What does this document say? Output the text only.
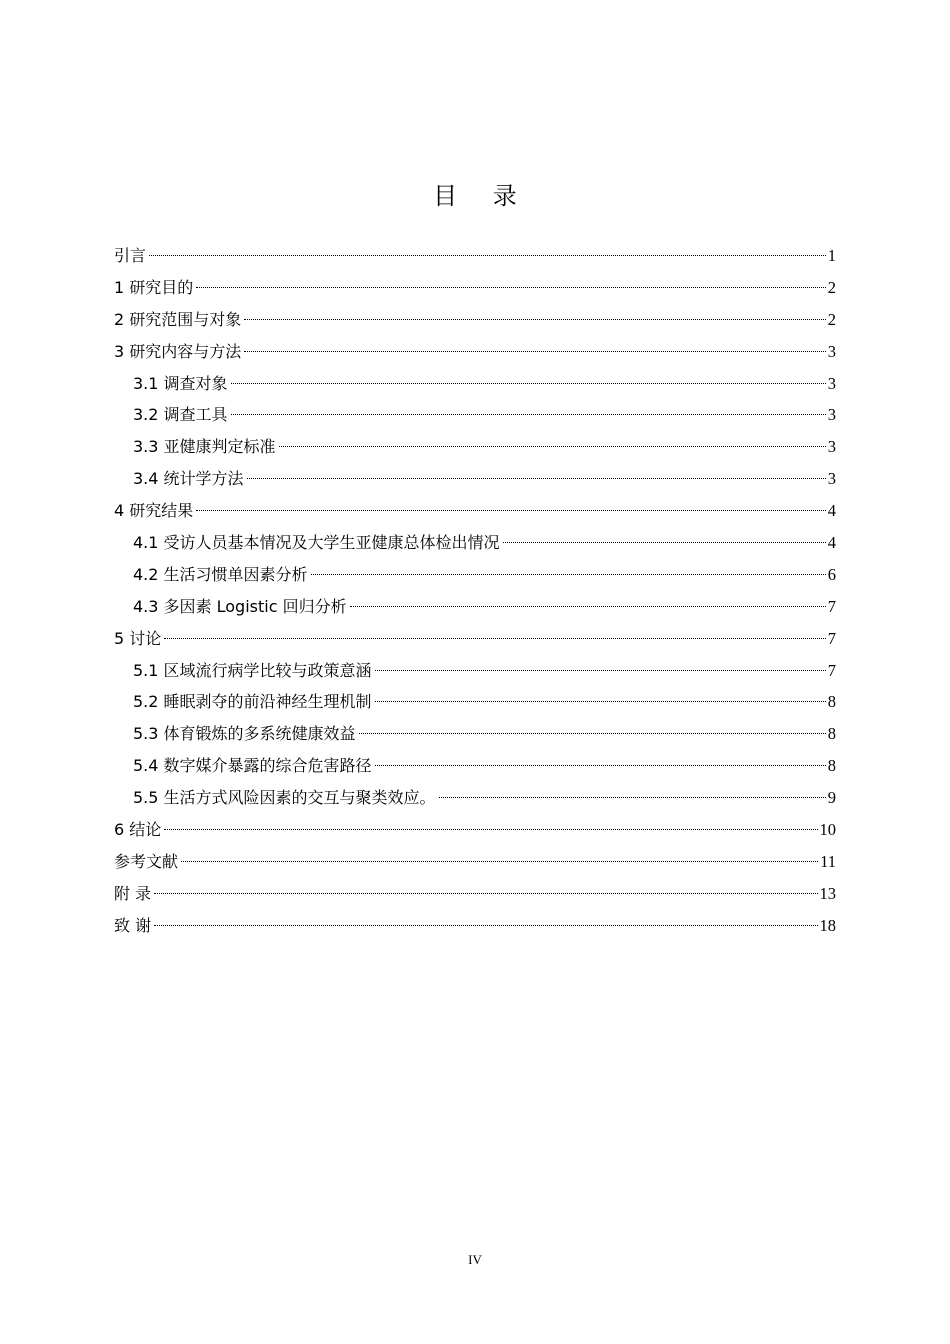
目 录
引言	1
1 研究目的	2
2 研究范围与对象	2
3 研究内容与方法	3
3.1 调查对象	3
3.2 调查工具	3
3.3 亚健康判定标准	3
3.4 统计学方法	3
4 研究结果	4
4.1 受访人员基本情况及大学生亚健康总体检出情况	4
4.2 生活习惯单因素分析	6
4.3 多因素 Logistic 回归分析	7
5 讨论	7
5.1 区域流行病学比较与政策意涵	7
5.2 睡眠剥夺的前沿神经生理机制	8
5.3 体育锻炼的多系统健康效益	8
5.4 数字媒介暴露的综合危害路径	8
5.5 生活方式风险因素的交互与聚类效应。	9
6 结论	10
参考文献	11
附 录	13
致 谢	18
IV
